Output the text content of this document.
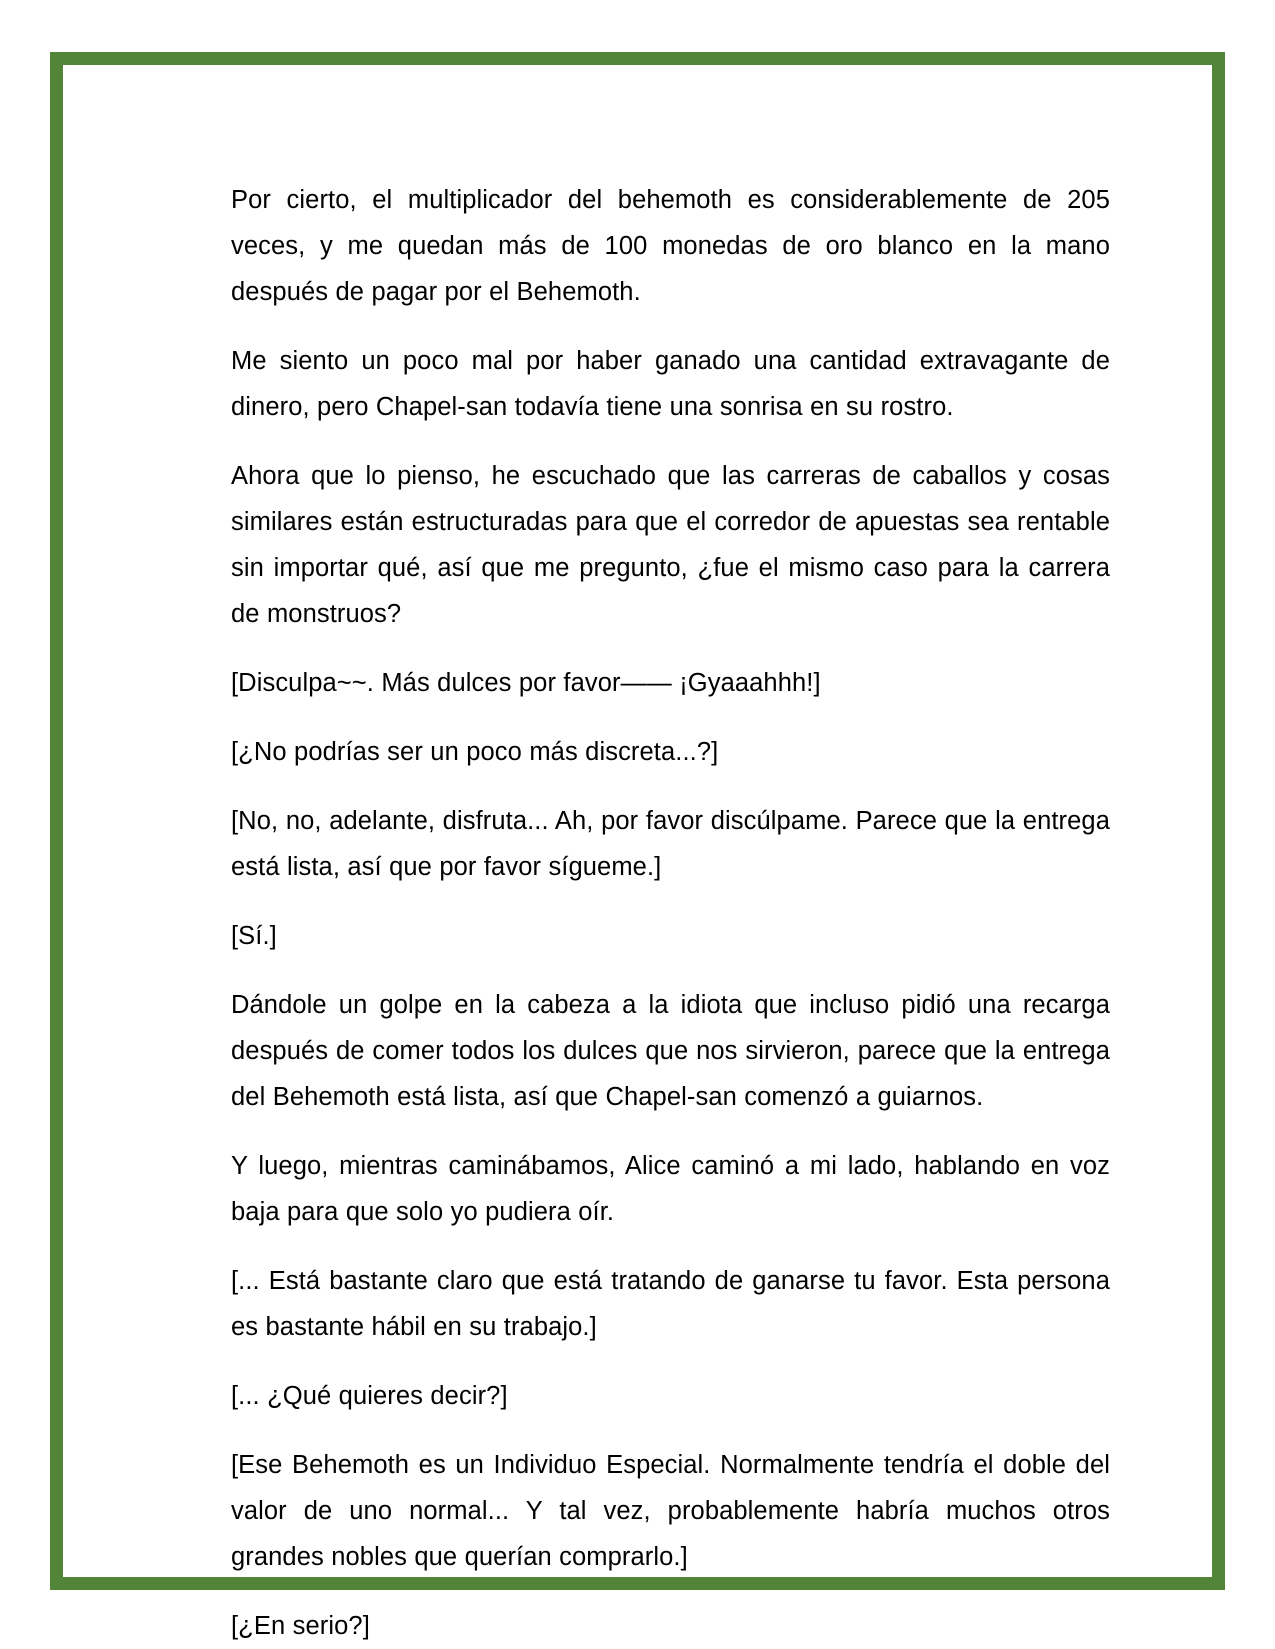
Por cierto, el multiplicador del behemoth es considerablemente de 205 veces, y me quedan más de 100 monedas de oro blanco en la mano después de pagar por el Behemoth.

Me siento un poco mal por haber ganado una cantidad extravagante de dinero, pero Chapel-san todavía tiene una sonrisa en su rostro.

Ahora que lo pienso, he escuchado que las carreras de caballos y cosas similares están estructuradas para que el corredor de apuestas sea rentable sin importar qué, así que me pregunto, ¿fue el mismo caso para la carrera de monstruos?

[Disculpa~~. Más dulces por favor—— ¡Gyaaahhh!]

[¿No podrías ser un poco más discreta...?]

[No, no, adelante, disfruta... Ah, por favor discúlpame. Parece que la entrega está lista, así que por favor sígueme.]

[Sí.]

Dándole un golpe en la cabeza a la idiota que incluso pidió una recarga después de comer todos los dulces que nos sirvieron, parece que la entrega del Behemoth está lista, así que Chapel-san comenzó a guiarnos.

Y luego, mientras caminábamos, Alice caminó a mi lado, hablando en voz baja para que solo yo pudiera oír.

[... Está bastante claro que está tratando de ganarse tu favor. Esta persona es bastante hábil en su trabajo.]

[... ¿Qué quieres decir?]

[Ese Behemoth es un Individuo Especial. Normalmente tendría el doble del valor de uno normal... Y tal vez, probablemente habría muchos otros grandes nobles que querían comprarlo.]

[¿En serio?]
